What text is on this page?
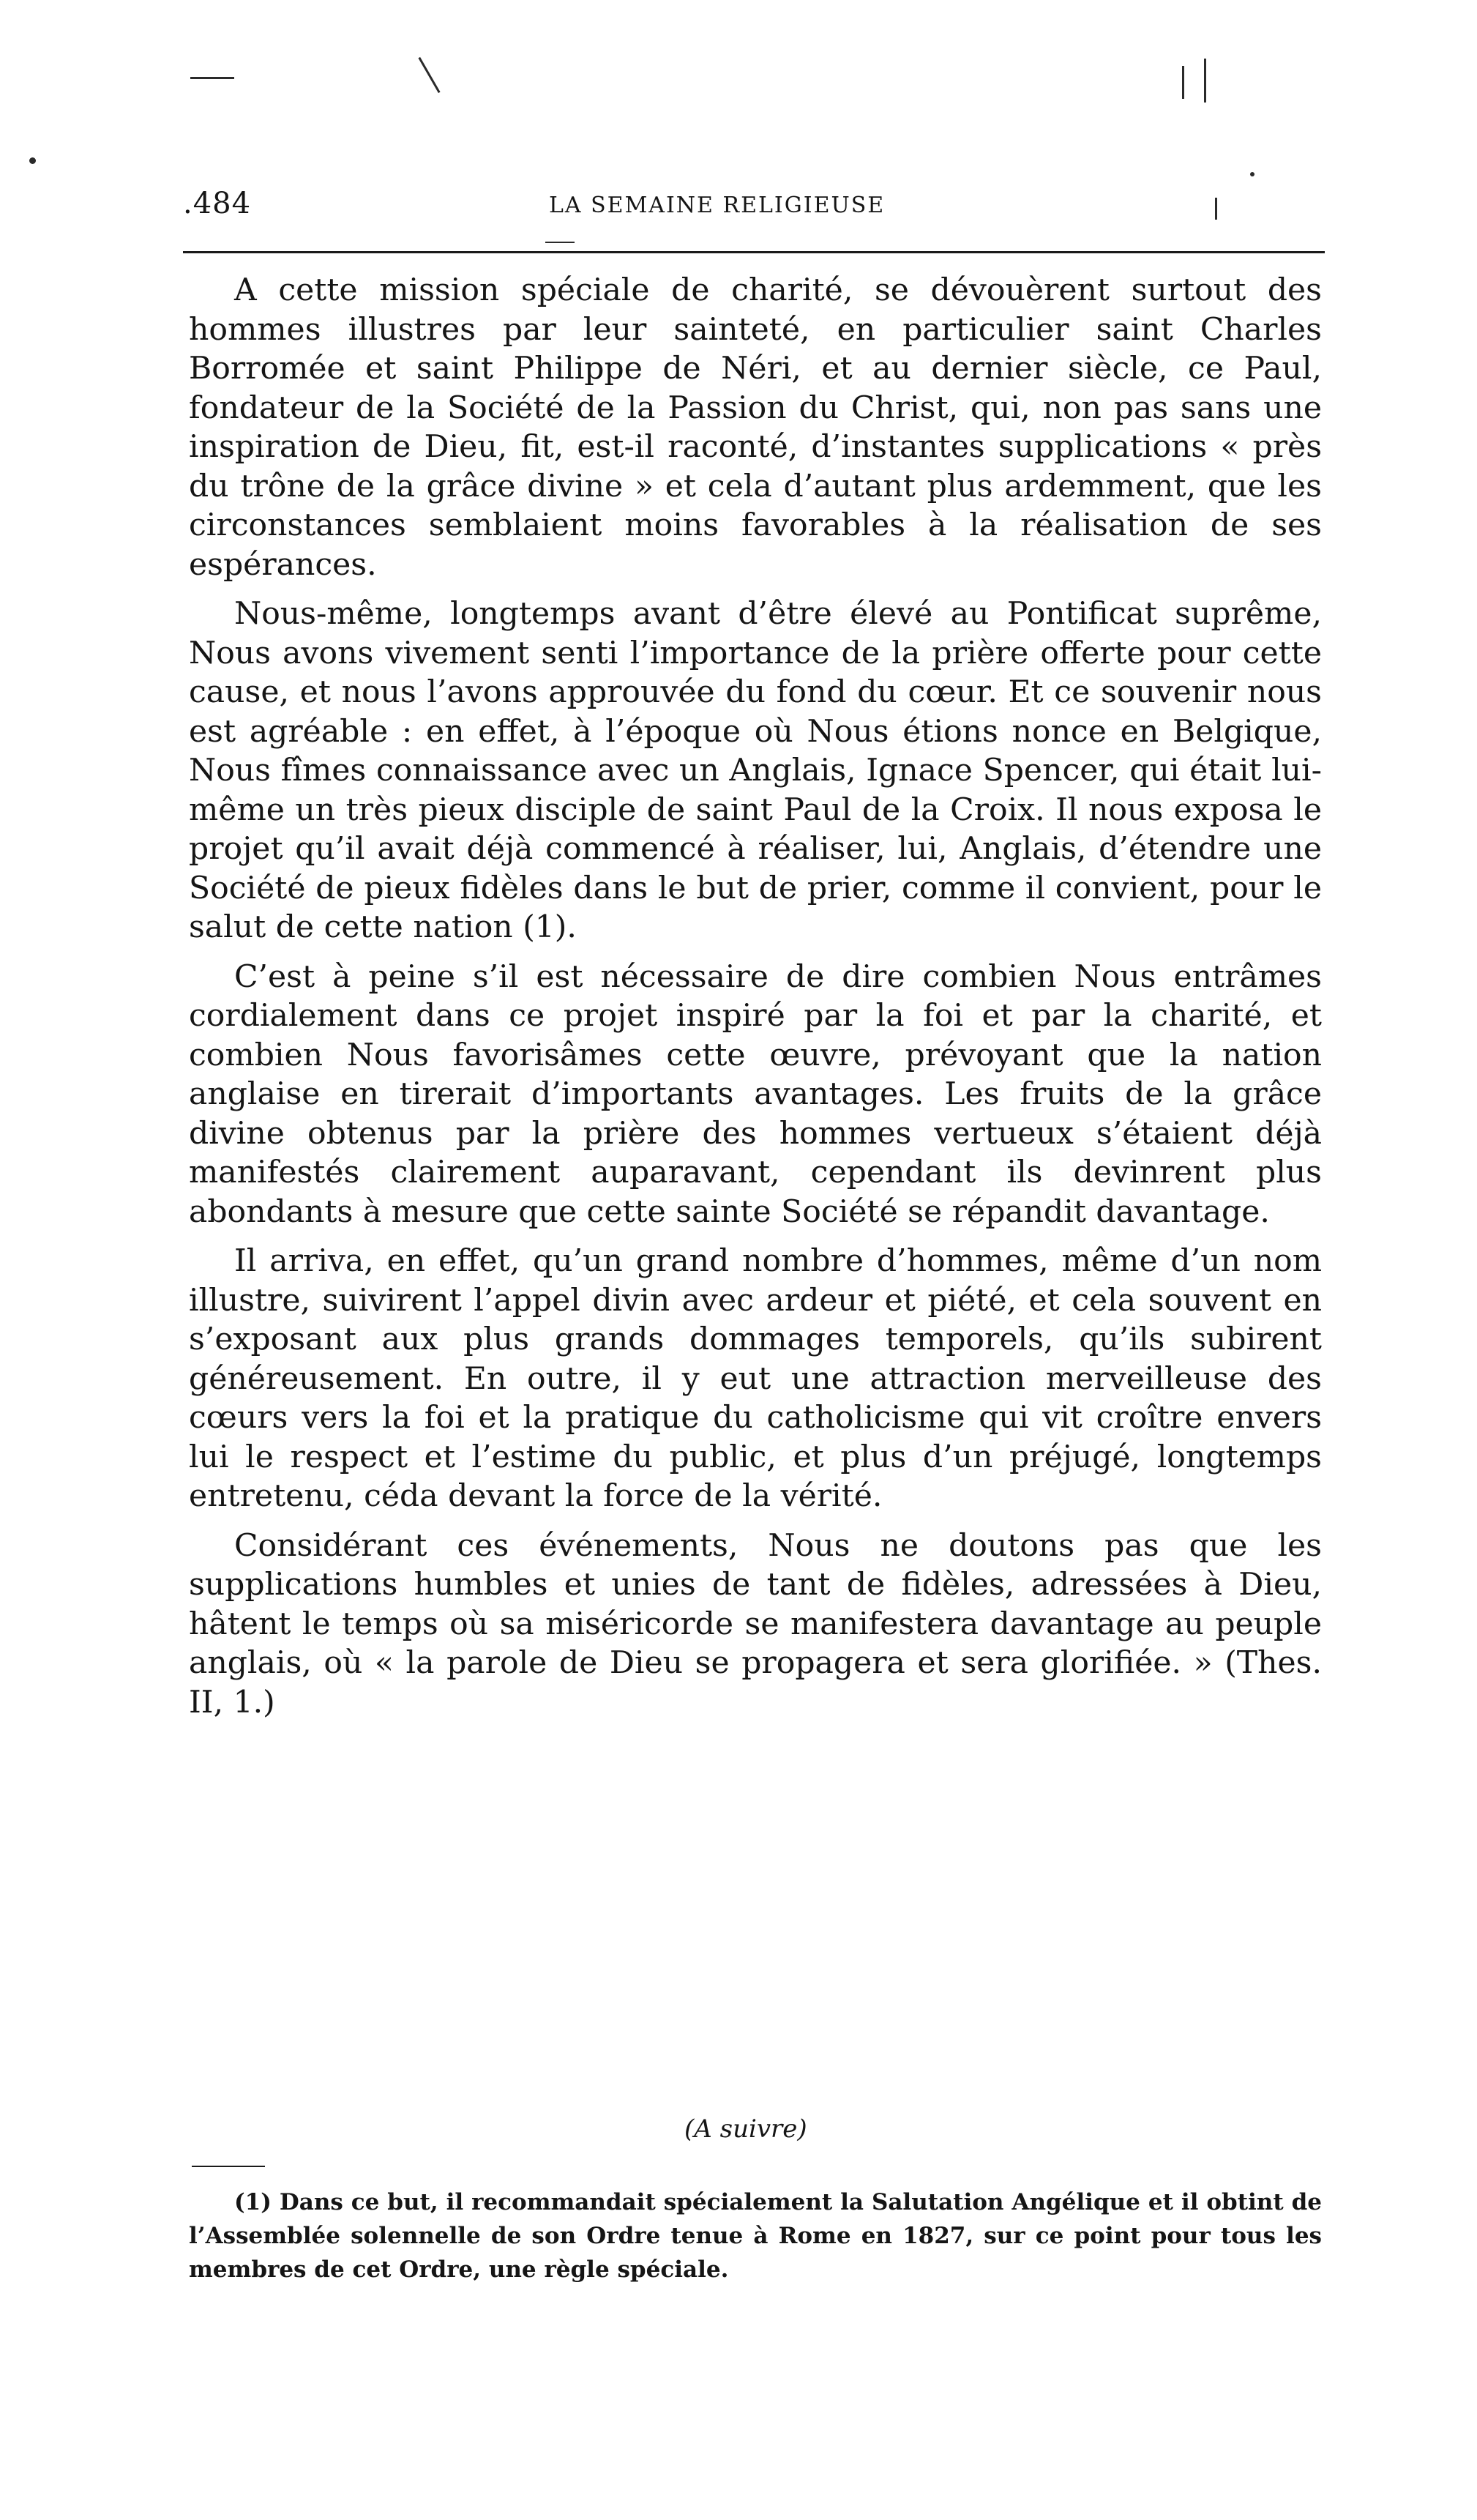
.484	LA SEMAINE RELIGIEUSE

A cette mission spéciale de charité, se dévouèrent surtout des hommes illustres par leur sainteté, en particulier saint Charles Borromée et saint Philippe de Néri, et au dernier siècle, ce Paul, fondateur de la Société de la Passion du Christ, qui, non pas sans une inspiration de Dieu, fit, est-il raconté, d’instantes supplications « près du trône de la grâce divine » et cela d’autant plus ardemment, que les circonstances semblaient moins favorables à la réalisation de ses espérances.

Nous-même, longtemps avant d’être élevé au Pontificat suprême, Nous avons vivement senti l’importance de la prière offerte pour cette cause, et nous l’avons approuvée du fond du cœur. Et ce souvenir nous est agréable : en effet, à l’époque où Nous étions nonce en Belgique, Nous fîmes connaissance avec un Anglais, Ignace Spencer, qui était lui-même un très pieux disciple de saint Paul de la Croix. Il nous exposa le projet qu’il avait déjà commencé à réaliser, lui, Anglais, d’étendre une Société de pieux fidèles dans le but de prier, comme il convient, pour le salut de cette nation (1).

C’est à peine s’il est nécessaire de dire combien Nous entrâmes cordialement dans ce projet inspiré par la foi et par la charité, et combien Nous favorisâmes cette œuvre, prévoyant que la nation anglaise en tirerait d’importants avantages. Les fruits de la grâce divine obtenus par la prière des hommes vertueux s’étaient déjà manifestés clairement auparavant, cependant ils devinrent plus abondants à mesure que cette sainte Société se répandit davantage.

Il arriva, en effet, qu’un grand nombre d’hommes, même d’un nom illustre, suivirent l’appel divin avec ardeur et piété, et cela souvent en s’exposant aux plus grands dommages temporels, qu’ils subirent généreusement. En outre, il y eut une attraction merveilleuse des cœurs vers la foi et la pratique du catholicisme qui vit croître envers lui le respect et l’estime du public, et plus d’un préjugé, longtemps entretenu, céda devant la force de la vérité.

Considérant ces événements, Nous ne doutons pas que les supplications humbles et unies de tant de fidèles, adressées à Dieu, hâtent le temps où sa miséricorde se manifestera davantage au peuple anglais, où « la parole de Dieu se propagera et sera glorifiée. » (Thes. II, 1.)

(A suivre)

(1) Dans ce but, il recommandait spécialement la Salutation Angélique et il obtint de l’Assemblée solennelle de son Ordre tenue à Rome en 1827, sur ce point pour tous les membres de cet Ordre, une règle spéciale.
